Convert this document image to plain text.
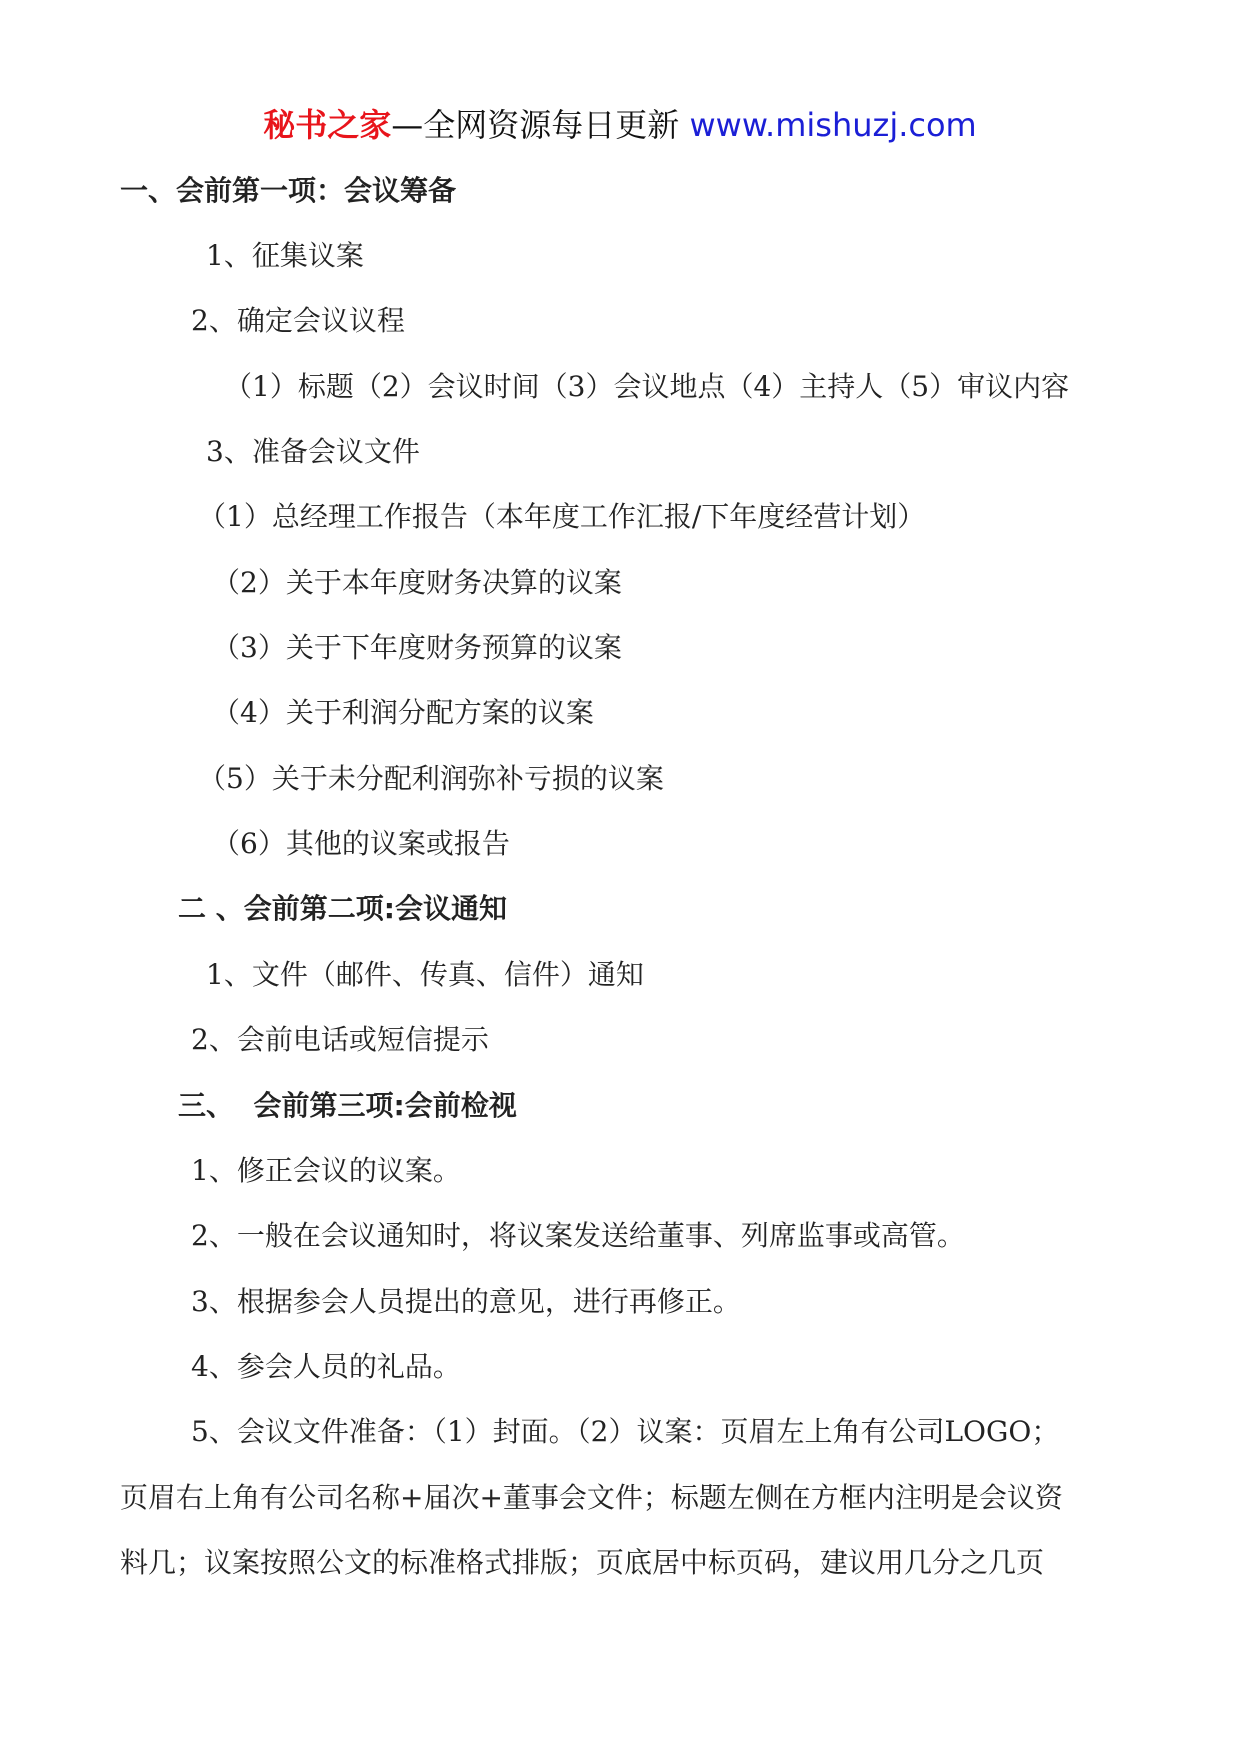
秘书之家—全网资源每日更新 www.mishuzj.com
一、会前第一项：会议筹备
1、征集议案
2、确定会议议程
（1）标题（2）会议时间（3）会议地点（4）主持人（5）审议内容
3、准备会议文件
（1）总经理工作报告（本年度工作汇报/下年度经营计划）
（2）关于本年度财务决算的议案
（3）关于下年度财务预算的议案
（4）关于利润分配方案的议案
（5）关于未分配利润弥补亏损的议案
（6）其他的议案或报告
二 、会前第二项:会议通知
1、文件（邮件、传真、信件）通知
2、会前电话或短信提示
三、  会前第三项:会前检视
1、修正会议的议案。
2、一般在会议通知时，将议案发送给董事、列席监事或高管。
3、根据参会人员提出的意见，进行再修正。
4、参会人员的礼品。
5、会议文件准备：（1）封面。（2）议案：页眉左上角有公司LOGO；
页眉右上角有公司名称+届次+董事会文件；标题左侧在方框内注明是会议资
料几；议案按照公文的标准格式排版；页底居中标页码，建议用几分之几页
